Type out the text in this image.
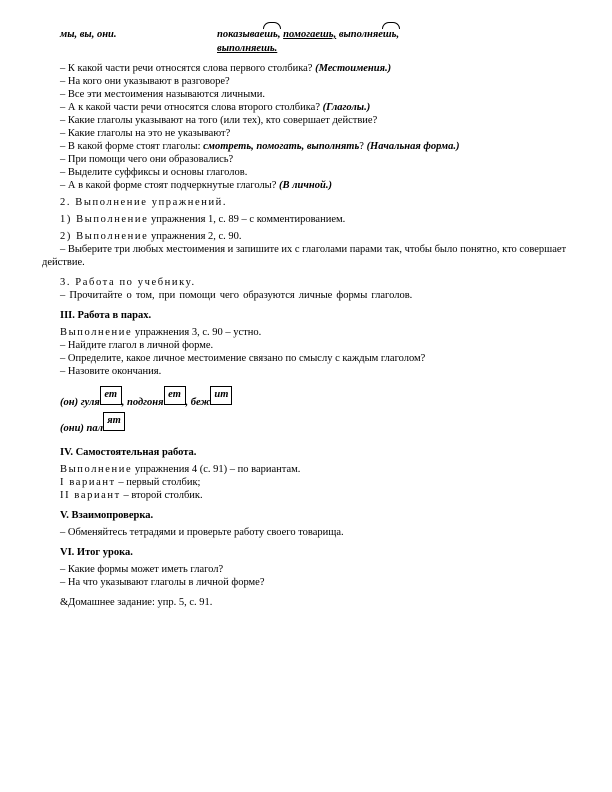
мы, вы, они.	показываешь, помогаешь, выполняешь,
выполняешь.
– К какой части речи относятся слова первого столбика? (Местоимения.)
– На кого они указывают в разговоре?
– Все эти местоимения называются личными.
– А к какой части речи относятся слова второго столбика? (Глаголы.)
– Какие глаголы указывают на того (или тех), кто совершает действие?
– Какие глаголы на это не указывают?
– В какой форме стоят глаголы: смотреть, помогать, выполнять? (Начальная форма.)
– При помощи чего они образовались?
– Выделите суффиксы и основы глаголов.
– А в какой форме стоят подчеркнутые глаголы? (В личной.)
2. Выполнение упражнений.
1) Выполнение упражнения 1, с. 89 – с комментированием.
2) Выполнение упражнения 2, с. 90.
– Выберите три любых местоимения и запишите их с глаголами парами так, чтобы было понятно, кто совершает действие.
3. Работа по учебнику.
– Прочитайте о том, при помощи чего образуются личные формы глаголов.
III. Работа в парах.
Выполнение упражнения 3, с. 90 – устно.
– Найдите глагол в личной форме.
– Определите, какое личное местоимение связано по смыслу с каждым глаголом?
– Назовите окончания.
(он) гуляет, подгоняет, бежит
(они) палят
IV. Самостоятельная работа.
Выполнение упражнения 4 (с. 91) – по вариантам.
I вариант – первый столбик;
II вариант – второй столбик.
V. Взаимопроверка.
– Обменяйтесь тетрадями и проверьте работу своего товарища.
VI. Итог урока.
– Какие формы может иметь глагол?
– На что указывают глаголы в личной форме?
&Домашнее задание: упр. 5, с. 91.
